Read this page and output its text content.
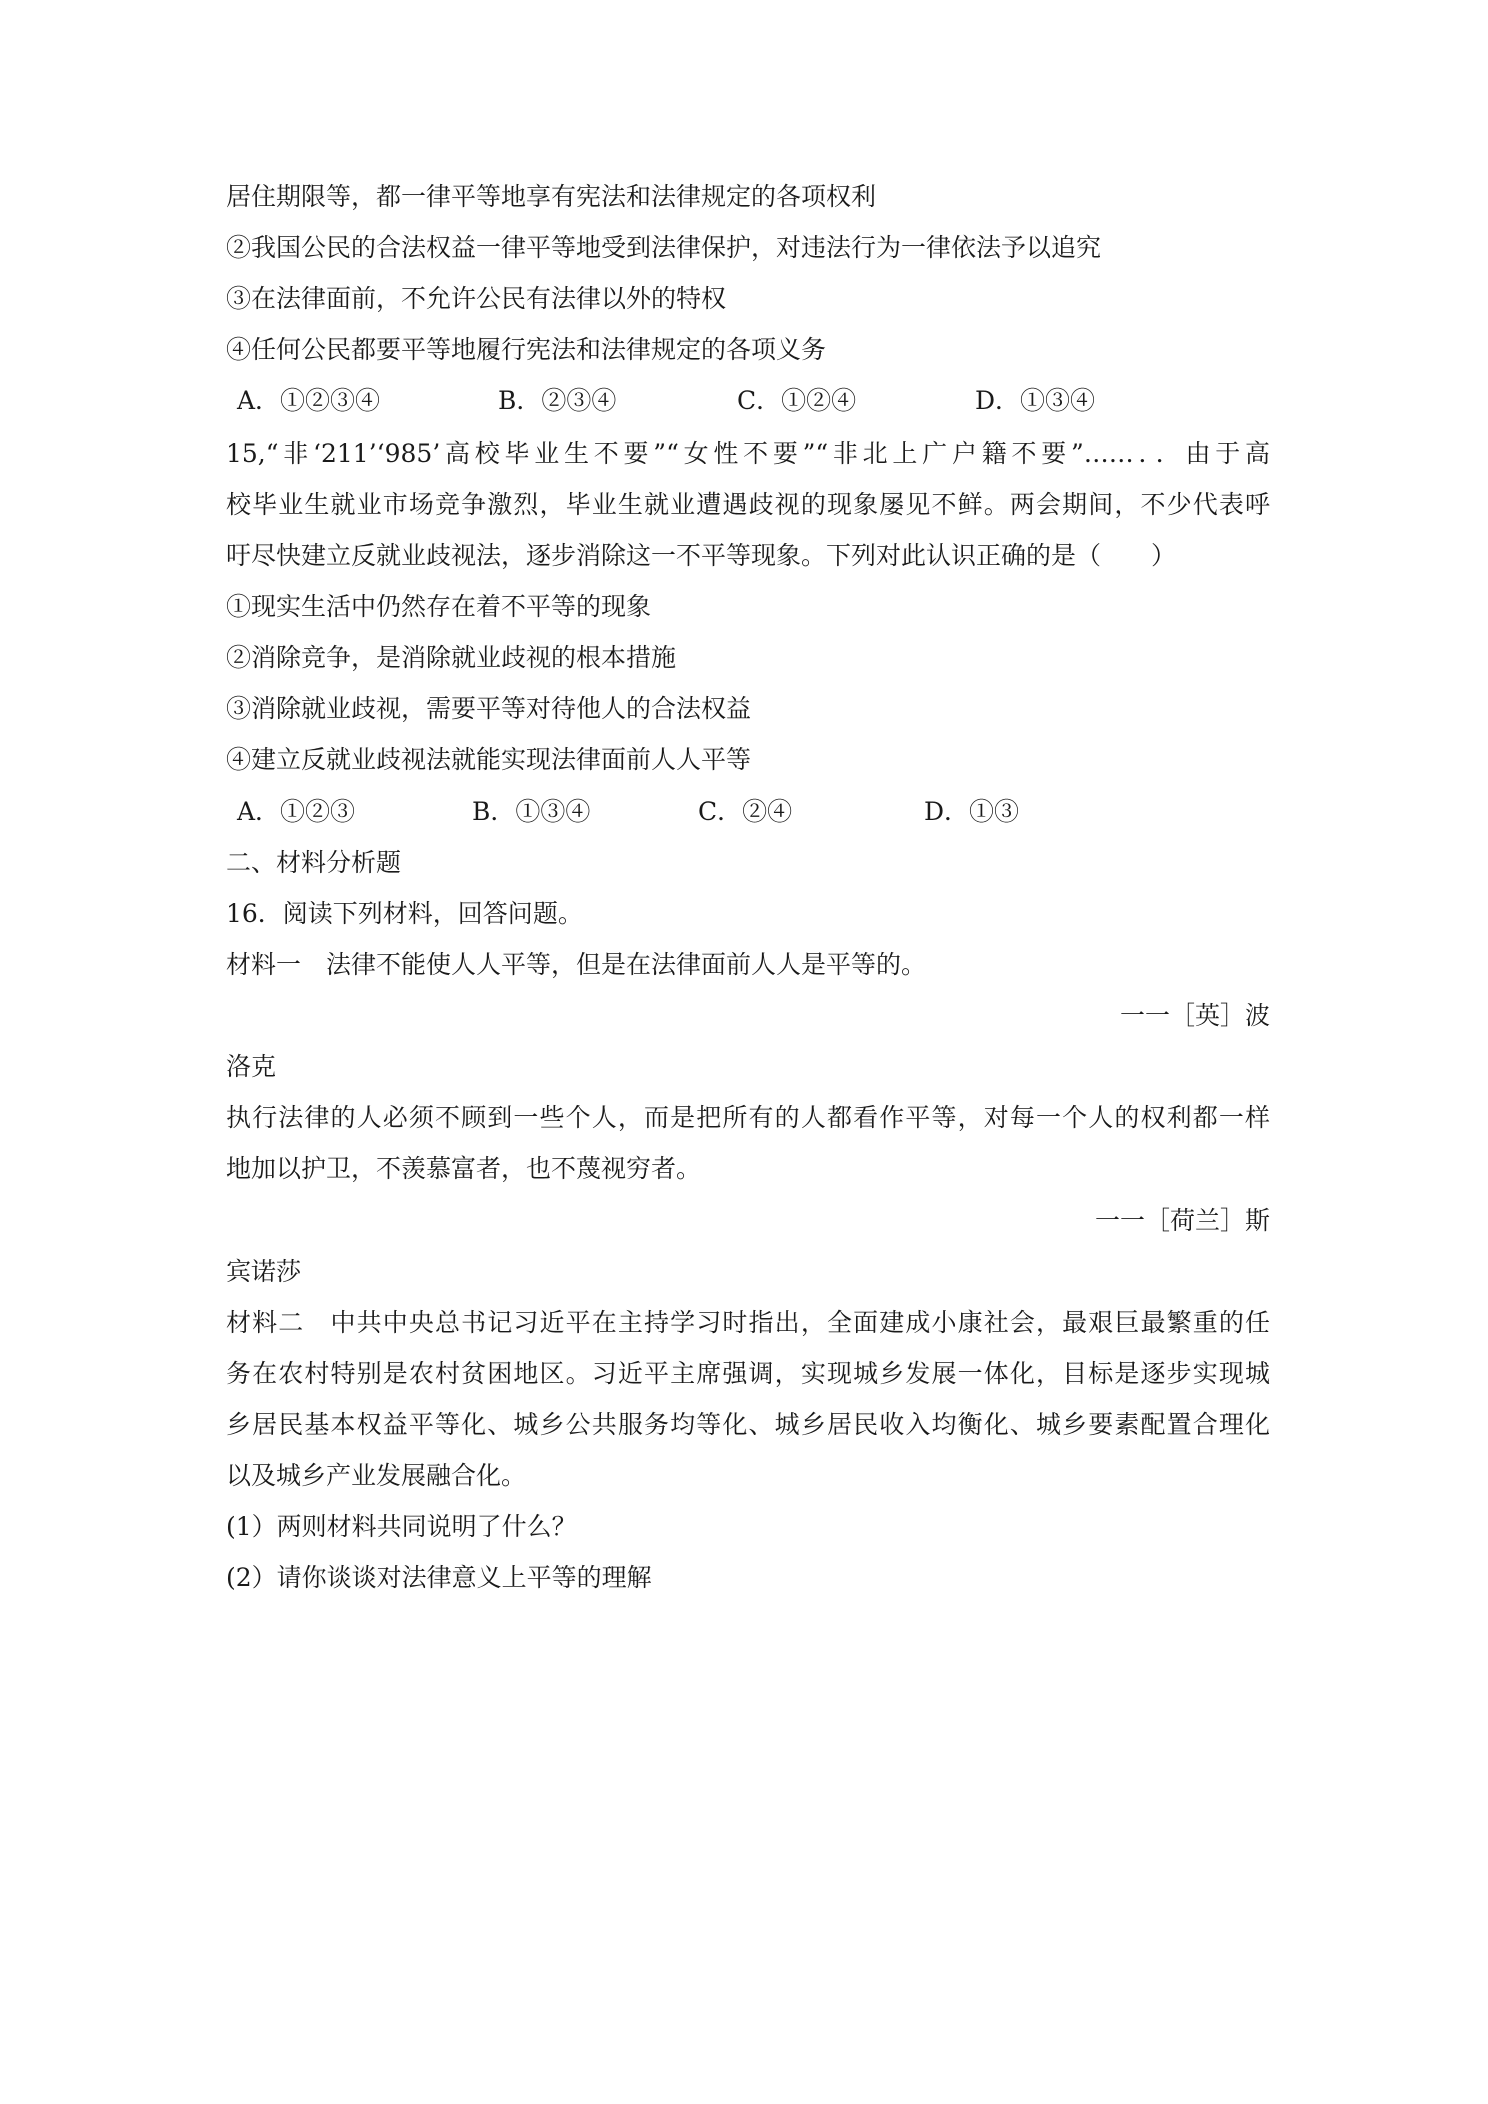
居住期限等，都一律平等地享有宪法和法律规定的各项权利
②我国公民的合法权益一律平等地受到法律保护，对违法行为一律依法予以追究
③在法律面前，不允许公民有法律以外的特权
④任何公民都要平等地履行宪法和法律规定的各项义务
A．①②③④	B．②③④	C．①②④	D．①③④
15,“非‘211’‘985’高校毕业生不要”“女性不要”“非北上广户籍不要”……．．由于高
校毕业生就业市场竞争激烈，毕业生就业遭遇歧视的现象屡见不鲜。两会期间，不少代表呼
吁尽快建立反就业歧视法，逐步消除这一不平等现象。下列对此认识正确的是（　　）
①现实生活中仍然存在着不平等的现象
②消除竞争，是消除就业歧视的根本措施
③消除就业歧视，需要平等对待他人的合法权益
④建立反就业歧视法就能实现法律面前人人平等
A．①②③	B．①③④	C．②④	D．①③
二、材料分析题
16．阅读下列材料，回答问题。
材料一　法律不能使人人平等，但是在法律面前人人是平等的。
一一［英］波
洛克
执行法律的人必须不顾到一些个人，而是把所有的人都看作平等，对每一个人的权利都一样
地加以护卫，不羡慕富者，也不蔑视穷者。
一一［荷兰］斯
宾诺莎
材料二　中共中央总书记习近平在主持学习时指出，全面建成小康社会，最艰巨最繁重的任
务在农村特别是农村贫困地区。习近平主席强调，实现城乡发展一体化，目标是逐步实现城
乡居民基本权益平等化、城乡公共服务均等化、城乡居民收入均衡化、城乡要素配置合理化
以及城乡产业发展融合化。
(1）两则材料共同说明了什么？
(2）请你谈谈对法律意义上平等的理解
